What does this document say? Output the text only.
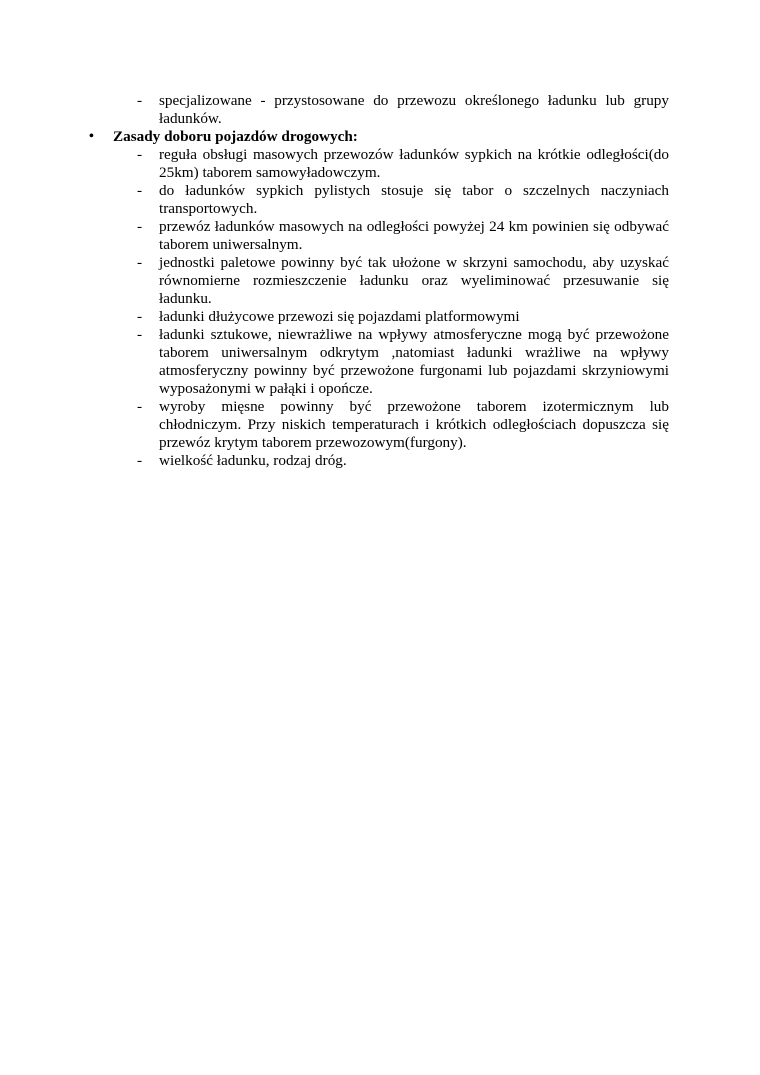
-	specjalizowane - przystosowane do przewozu określonego ładunku lub grupy ładunków.
•	Zasady doboru pojazdów drogowych:
-	reguła obsługi masowych przewozów ładunków sypkich na krótkie odległości(do 25km) taborem samowyładowczym.
-	do ładunków sypkich pylistych stosuje się tabor o szczelnych naczyniach transportowych.
-	przewóz ładunków masowych na odległości powyżej 24 km powinien się odbywać taborem uniwersalnym.
-	jednostki paletowe powinny być tak ułożone w skrzyni samochodu, aby uzyskać równomierne rozmieszczenie ładunku oraz wyeliminować przesuwanie się ładunku.
-	ładunki dłużycowe przewozi się pojazdami platformowymi
-	ładunki sztukowe, niewrażliwe na wpływy atmosferyczne mogą być przewożone taborem uniwersalnym odkrytym ,natomiast ładunki wrażliwe na wpływy atmosferyczny powinny być przewożone furgonami lub pojazdami skrzyniowymi wyposażonymi w pałąki i opończe.
-	wyroby mięsne powinny być przewożone taborem izotermicznym lub chłodniczym. Przy niskich temperaturach i krótkich odległościach dopuszcza się przewóz krytym taborem przewozowym(furgony).
-	wielkość ładunku, rodzaj dróg.
